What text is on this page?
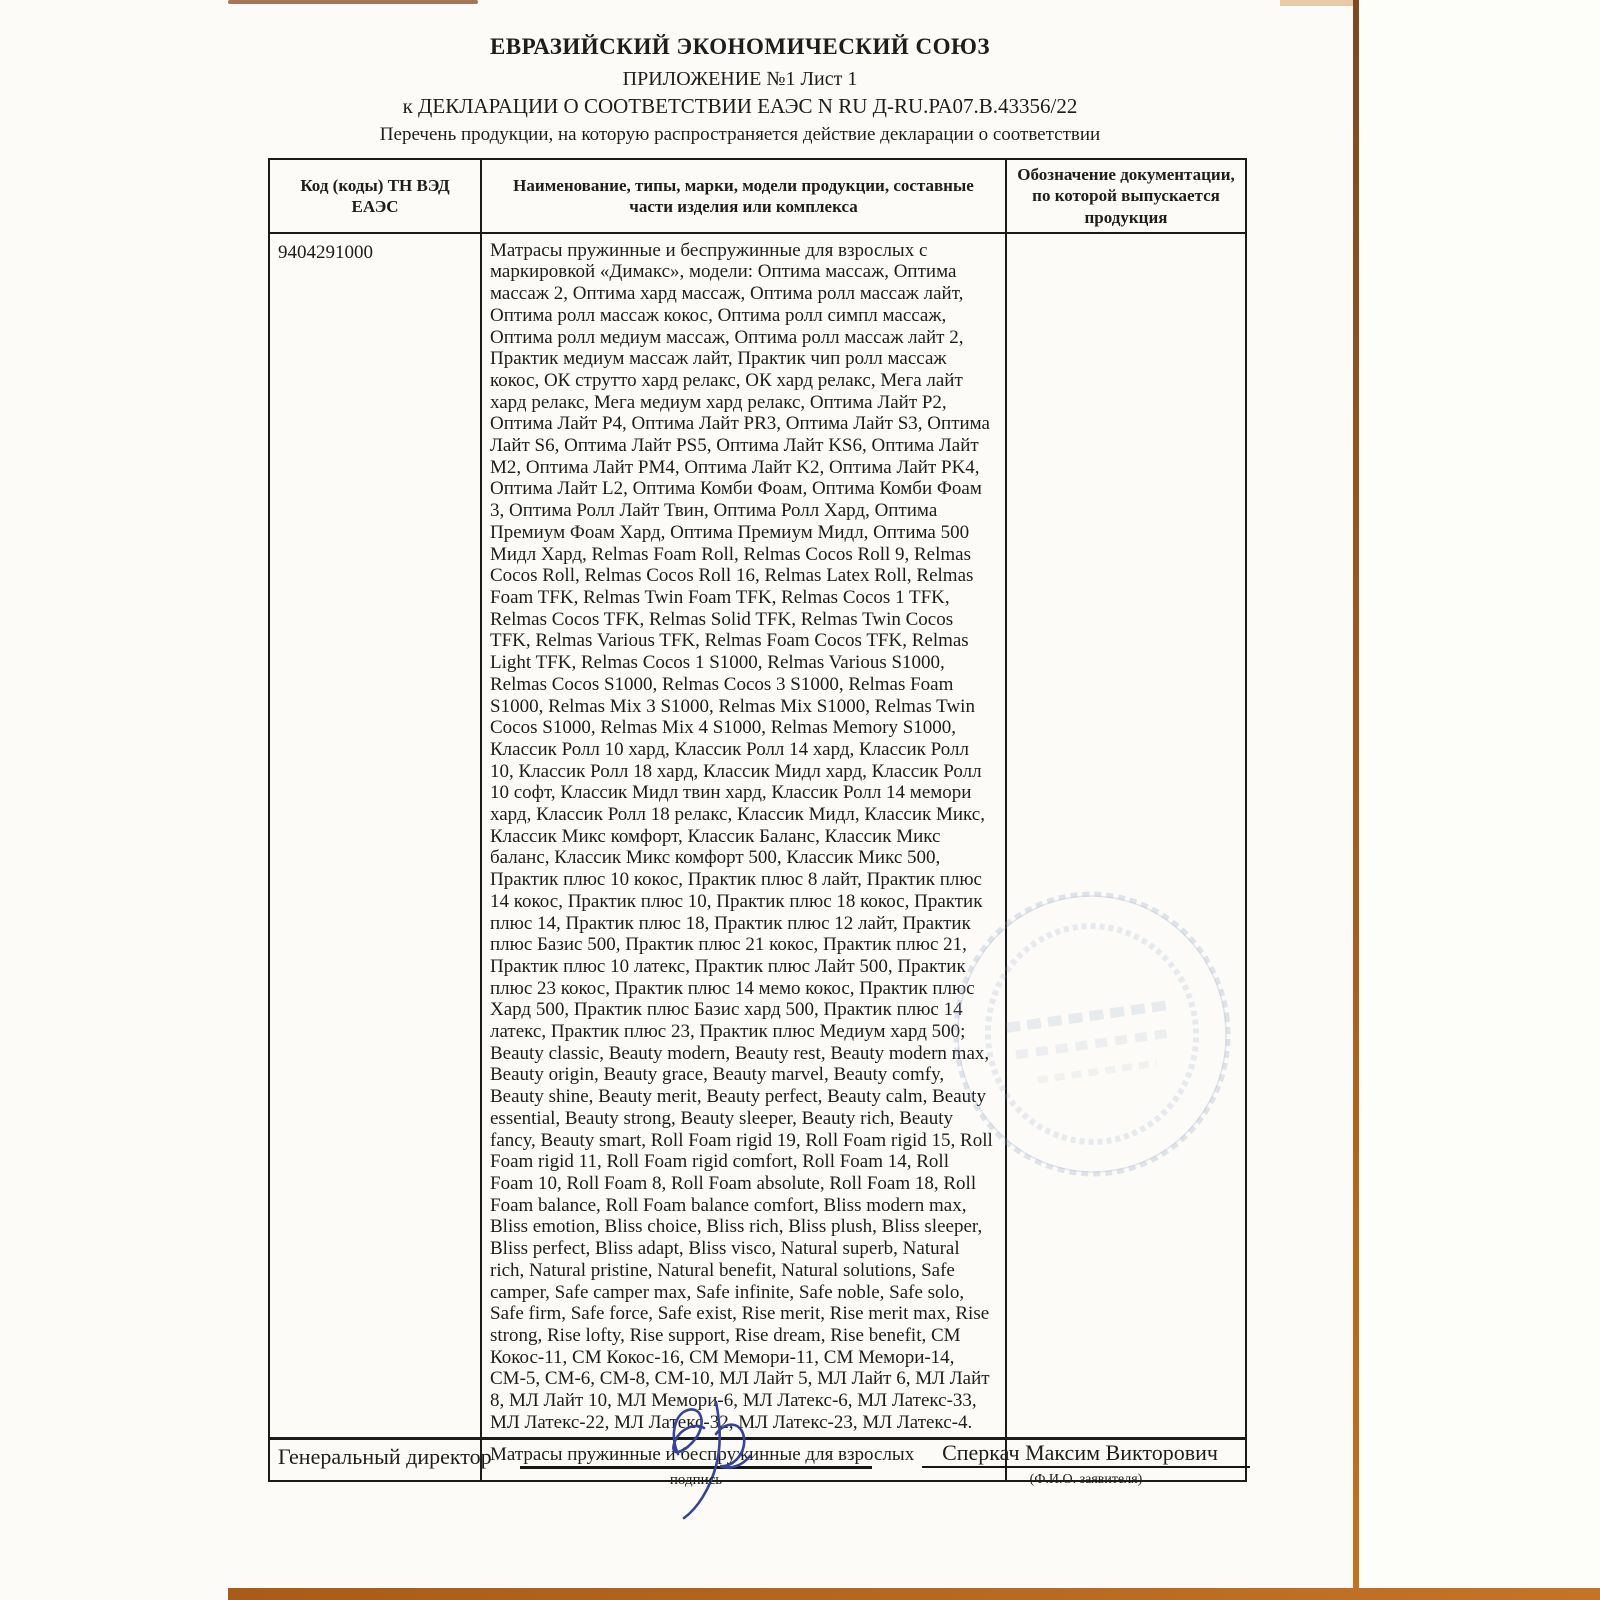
ЕВРАЗИЙСКИЙ ЭКОНОМИЧЕСКИЙ СОЮЗ
ПРИЛОЖЕНИЕ №1 Лист 1
к ДЕКЛАРАЦИИ О СООТВЕТСТВИИ ЕАЭС N RU Д-RU.РА07.В.43356/22
Перечень продукции, на которую распространяется действие декларации о соответствии
Код (коды) ТН ВЭД ЕАЭС	Наименование, типы, марки, модели продукции, составные части изделия или комплекса	Обозначение документации, по которой выпускается продукция
9404291000	Матрасы пружинные и беспружинные для взрослых с маркировкой «Димакс», модели: Оптима массаж, Оптима массаж 2, Оптима хард массаж, Оптима ролл массаж лайт, Оптима ролл массаж кокос, Оптима ролл симпл массаж, Оптима ролл медиум массаж, Оптима ролл массаж лайт 2, Практик медиум массаж лайт, Практик чип ролл массаж кокос, ОК струтто хард релакс, ОК хард релакс, Мега лайт хард релакс, Мега медиум хард релакс, Оптима Лайт P2, Оптима Лайт P4, Оптима Лайт PR3, Оптима Лайт S3, Оптима Лайт S6, Оптима Лайт PS5, Оптима Лайт KS6, Оптима Лайт M2, Оптима Лайт PM4, Оптима Лайт K2, Оптима Лайт PK4, Оптима Лайт L2, Оптима Комби Фоам, Оптима Комби Фоам 3, Оптима Ролл Лайт Твин, Оптима Ролл Хард, Оптима Премиум Фоам Хард, Оптима Премиум Мидл, Оптима 500 Мидл Хард, Relmas Foam Roll, Relmas Cocos Roll 9, Relmas Cocos Roll, Relmas Cocos Roll 16, Relmas Latex Roll, Relmas Foam TFK, Relmas Twin Foam TFK, Relmas Cocos 1 TFK, Relmas Cocos TFK, Relmas Solid TFK, Relmas Twin Cocos TFK, Relmas Various TFK, Relmas Foam Cocos TFK, Relmas Light TFK, Relmas Cocos 1 S1000, Relmas Various S1000, Relmas Cocos S1000, Relmas Cocos 3 S1000, Relmas Foam S1000, Relmas Mix 3 S1000, Relmas Mix S1000, Relmas Twin Cocos S1000, Relmas Mix 4 S1000, Relmas Memory S1000, Классик Ролл 10 хард, Классик Ролл 14 хард, Классик Ролл 10, Классик Ролл 18 хард, Классик Мидл хард, Классик Ролл 10 софт, Классик Мидл твин хард, Классик Ролл 14 мемори хард, Классик Ролл 18 релакс, Классик Мидл, Классик Микс, Классик Микс комфорт, Классик Баланс, Классик Микс баланс, Классик Микс комфорт 500, Классик Микс 500, Практик плюс 10 кокос, Практик плюс 8 лайт, Практик плюс 14 кокос, Практик плюс 10, Практик плюс 18 кокос, Практик плюс 14, Практик плюс 18, Практик плюс 12 лайт, Практик плюс Базис 500, Практик плюс 21 кокос, Практик плюс 21, Практик плюс 10 латекс, Практик плюс Лайт 500, Практик плюс 23 кокос, Практик плюс 14 мемо кокос, Практик плюс Хард 500, Практик плюс Базис хард 500, Практик плюс 14 латекс, Практик плюс 23, Практик плюс Медиум хард 500; Beauty classic, Beauty modern, Beauty rest, Beauty modern max, Beauty origin, Beauty grace, Beauty marvel, Beauty comfy, Beauty shine, Beauty merit, Beauty perfect, Beauty calm, Beauty essential, Beauty strong, Beauty sleeper, Beauty rich, Beauty fancy, Beauty smart, Roll Foam rigid 19, Roll Foam rigid 15, Roll Foam rigid 11, Roll Foam rigid comfort, Roll Foam 14, Roll Foam 10, Roll Foam 8, Roll Foam absolute, Roll Foam 18, Roll Foam balance, Roll Foam balance comfort, Bliss modern max, Bliss emotion, Bliss choice, Bliss rich, Bliss plush, Bliss sleeper, Bliss perfect, Bliss adapt, Bliss visco, Natural superb, Natural rich, Natural pristine, Natural benefit, Natural solutions, Safe camper, Safe camper max, Safe infinite, Safe noble, Safe solo, Safe firm, Safe force, Safe exist, Rise merit, Rise merit max, Rise strong, Rise lofty, Rise support, Rise dream, Rise benefit, СМ Кокос-11, СМ Кокос-16, СМ Мемори-11, СМ Мемори-14, СМ-5, СМ-6, СМ-8, СМ-10, МЛ Лайт 5, МЛ Лайт 6, МЛ Лайт 8, МЛ Лайт 10, МЛ Мемори-6, МЛ Латекс-6, МЛ Латекс-33, МЛ Латекс-22, МЛ Латекс-32, МЛ Латекс-23, МЛ Латекс-4.	
	Матрасы пружинные и беспружинные для взрослых	
Генеральный директор
подпись
Сперкач Максим Викторович
(Ф.И.О. заявителя)
